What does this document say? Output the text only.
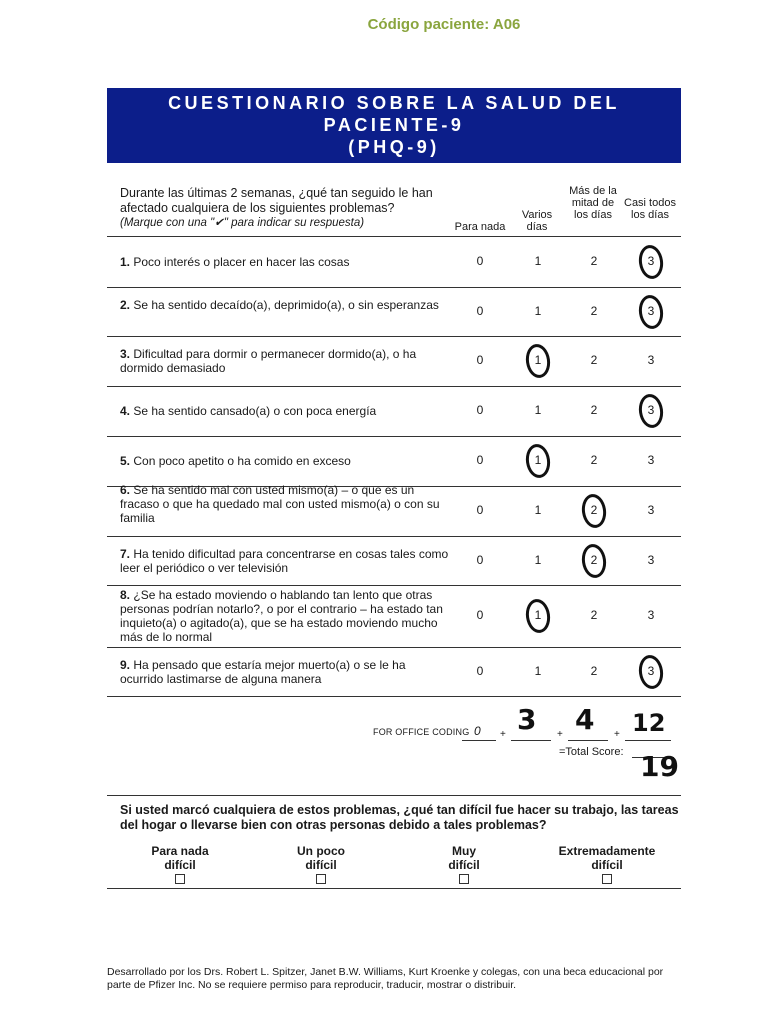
Código paciente: A06
CUESTIONARIO SOBRE LA SALUD DEL
PACIENTE-9
(PHQ-9)
Durante las últimas 2 semanas, ¿qué tan seguido le han afectado cualquiera de los siguientes problemas?
(Marque con una "✔" para indicar su respuesta)	Para nada
Varios días
Más de la mitad de los días
Casi todos los días
1. Poco interés o placer en hacer las cosas	0	1	2	3
2. Se ha sentido decaído(a), deprimido(a), o sin esperanzas	0	1	2	3
3. Dificultad para dormir o permanecer dormido(a), o ha dormido demasiado
0	1	2	3
4. Se ha sentido cansado(a) o con poca energía	0	1	2	3
5. Con poco apetito o ha comido en exceso	0	1	2	3
6. Se ha sentido mal con usted mismo(a) – o que es un fracaso o que ha quedado mal con usted mismo(a) o con su familia
0	1	2	3
7. Ha tenido dificultad para concentrarse en cosas tales como leer el periódico o ver televisión
0	1	2	3
8. ¿Se ha estado moviendo o hablando tan lento que otras personas podrían notarlo?, o por el contrario – ha estado tan inquieto(a) o agitado(a), que se ha estado moviendo mucho más de lo normal
0	1	2	3
9. Ha pensado que estaría mejor muerto(a) o se le ha ocurrido lastimarse de alguna manera
0	1	2	3
FOR OFFICE CODING 0 + 3 + 4 + 12
=Total Score: 19
Si usted marcó cualquiera de estos problemas, ¿qué tan difícil fue hacer su trabajo, las tareas del hogar o llevarse bien con otras personas debido a tales problemas?
Para nada
difícil
Un poco
difícil
Muy
difícil
Extremadamente
difícil
Desarrollado por los Drs. Robert L. Spitzer, Janet B.W. Williams, Kurt Kroenke y colegas, con una beca educacional por parte de Pfizer Inc. No se requiere permiso para reproducir, traducir, mostrar o distribuir.
